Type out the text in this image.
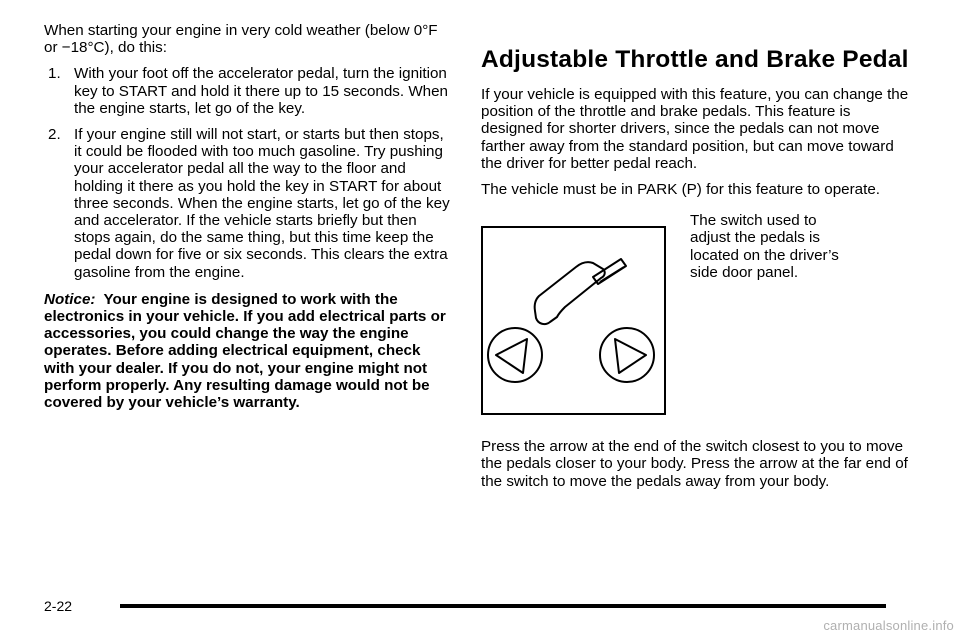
When starting your engine in very cold weather (below 0°F or −18°C), do this:

1. With your foot off the accelerator pedal, turn the ignition key to START and hold it there up to 15 seconds. When the engine starts, let go of the key.
2. If your engine still will not start, or starts but then stops, it could be flooded with too much gasoline. Try pushing your accelerator pedal all the way to the floor and holding it there as you hold the key in START for about three seconds. When the engine starts, let go of the key and accelerator. If the vehicle starts briefly but then stops again, do the same thing, but this time keep the pedal down for five or six seconds. This clears the extra gasoline from the engine.

Notice: Your engine is designed to work with the electronics in your vehicle. If you add electrical parts or accessories, you could change the way the engine operates. Before adding electrical equipment, check with your dealer. If you do not, your engine might not perform properly. Any resulting damage would not be covered by your vehicle’s warranty.

Adjustable Throttle and Brake Pedal

If your vehicle is equipped with this feature, you can change the position of the throttle and brake pedals. This feature is designed for shorter drivers, since the pedals can not move farther away from the standard position, but can move toward the driver for better pedal reach.

The vehicle must be in PARK (P) for this feature to operate.

The switch used to adjust the pedals is located on the driver’s side door panel.

Press the arrow at the end of the switch closest to you to move the pedals closer to your body. Press the arrow at the far end of the switch to move the pedals away from your body.

2-22
carmanualsonline.info
